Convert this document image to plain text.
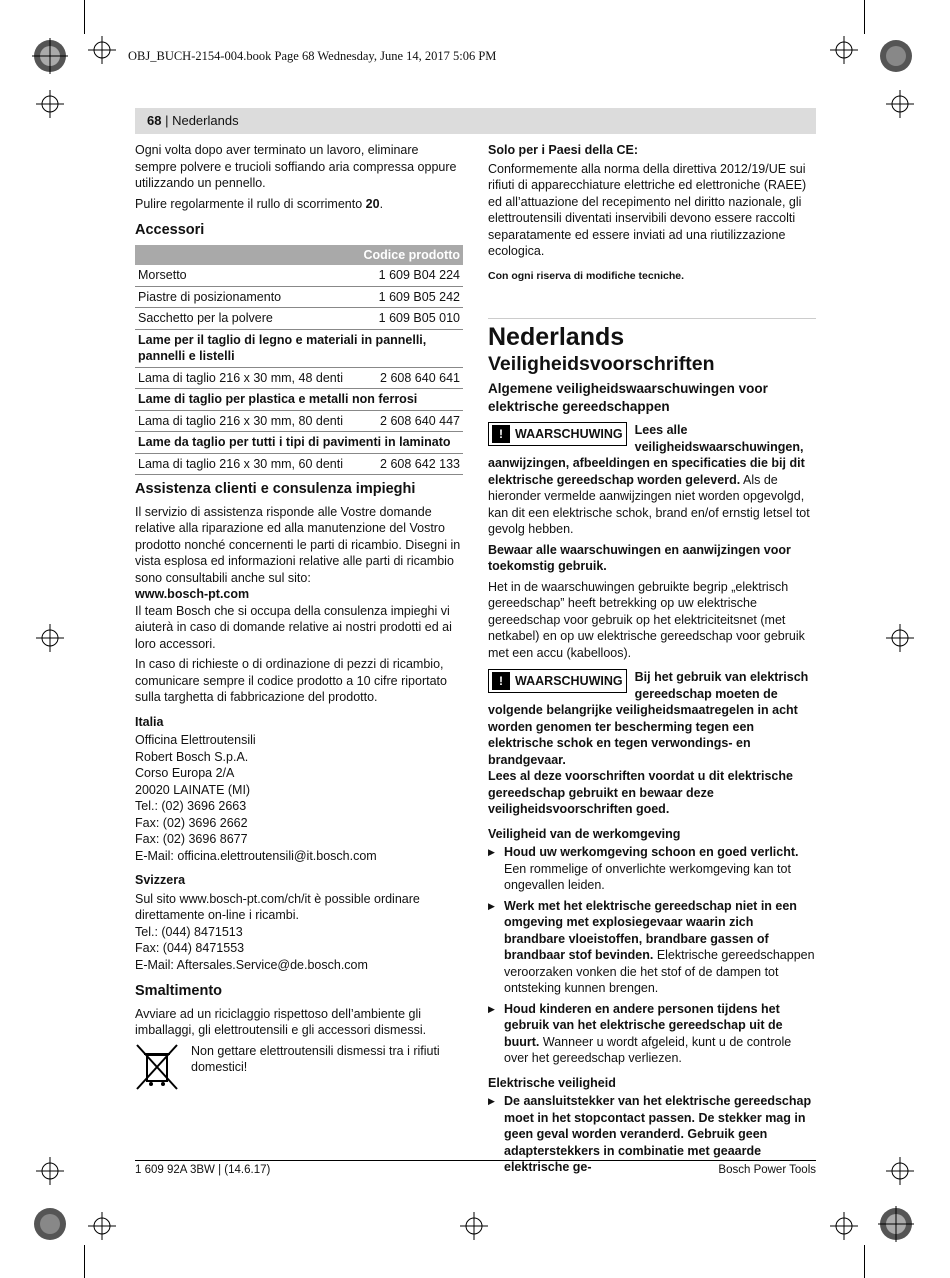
OBJ_BUCH-2154-004.book Page 68 Wednesday, June 14, 2017 5:06 PM
68 | Nederlands

Ogni volta dopo aver terminato un lavoro, eliminare sempre polvere e trucioli soffiando aria compressa oppure utilizzando un pennello.

Pulire regolarmente il rullo di scorrimento 20.

Accessori
Codice prodotto	
Morsetto	1 609 B04 224
Piastre di posizionamento	1 609 B05 242
Sacchetto per la polvere	1 609 B05 010
Lame per il taglio di legno e materiali in pannelli, pannelli e listelli	
Lama di taglio 216 x 30 mm, 48 denti	2 608 640 641
Lame di taglio per plastica e metalli non ferrosi	
Lama di taglio 216 x 30 mm, 80 denti	2 608 640 447
Lame da taglio per tutti i tipi di pavimenti in laminato	
Lama di taglio 216 x 30 mm, 60 denti	2 608 642 133
Assistenza clienti e consulenza impieghi

Il servizio di assistenza risponde alle Vostre domande relative alla riparazione ed alla manutenzione del Vostro prodotto nonché concernenti le parti di ricambio. Disegni in vista esplosa ed informazioni relative alle parti di ricambio sono consultabili anche sul sito:
www.bosch-pt.com

Il team Bosch che si occupa della consulenza impieghi vi aiuterà in caso di domande relative ai nostri prodotti ed ai loro accessori.

In caso di richieste o di ordinazione di pezzi di ricambio, comunicare sempre il codice prodotto a 10 cifre riportato sulla targhetta di fabbricazione del prodotto.

Italia
Officina Elettroutensili
Robert Bosch S.p.A.
Corso Europa 2/A
20020 LAINATE (MI)
Tel.: (02) 3696 2663
Fax: (02) 3696 2662
Fax: (02) 3696 8677
E-Mail: officina.elettroutensili@it.bosch.com
Svizzera
Sul sito www.bosch-pt.com/ch/it è possible ordinare direttamente on-line i ricambi.
Tel.: (044) 8471513
Fax: (044) 8471553
E-Mail: Aftersales.Service@de.bosch.com
Smaltimento

Avviare ad un riciclaggio rispettoso dell’ambiente gli imballaggi, gli elettroutensili e gli accessori dismessi.

Non gettare elettroutensili dismessi tra i rifiuti domestici!
Solo per i Paesi della CE:

Conformemente alla norma della direttiva 2012/19/UE sui rifiuti di apparecchiature elettriche ed elettroniche (RAEE) ed all’attuazione del recepimento nel diritto nazionale, gli elettroutensili diventati inservibili devono essere raccolti separatamente ed essere inviati ad una riutilizzazione ecologica.

Con ogni riserva di modifiche tecniche.

Nederlands
Veiligheidsvoorschriften
Algemene veiligheidswaarschuwingen voor elektrische gereedschappen

! WAARSCHUWING Lees alle veiligheidswaarschuwingen, aanwijzingen, afbeeldingen en specificaties die bij dit elektrische gereedschap worden geleverd. Als de hieronder vermelde aanwijzingen niet worden opgevolgd, kan dit een elektrische schok, brand en/of ernstig letsel tot gevolg hebben.

Bewaar alle waarschuwingen en aanwijzingen voor toekomstig gebruik.

Het in de waarschuwingen gebruikte begrip „elektrisch gereedschap” heeft betrekking op uw elektrische gereedschap voor gebruik op het elektriciteitsnet (met netkabel) en op uw elektrische gereedschap voor gebruik met een accu (kabelloos).

! WAARSCHUWING Bij het gebruik van elektrisch gereedschap moeten de volgende belangrijke veiligheidsmaatregelen in acht worden genomen ter bescherming tegen een elektrische schok en tegen verwondings- en brandgevaar.
Lees al deze voorschriften voordat u dit elektrische gereedschap gebruikt en bewaar deze veiligheidsvoorschriften goed.

Veiligheid van de werkomgeving
▶ Houd uw werkomgeving schoon en goed verlicht. Een rommelige of onverlichte werkomgeving kan tot ongevallen leiden.
▶ Werk met het elektrische gereedschap niet in een omgeving met explosiegevaar waarin zich brandbare vloeistoffen, brandbare gassen of brandbaar stof bevinden. Elektrische gereedschappen veroorzaken vonken die het stof of de dampen tot ontsteking kunnen brengen.
▶ Houd kinderen en andere personen tijdens het gebruik van het elektrische gereedschap uit de buurt. Wanneer u wordt afgeleid, kunt u de controle over het gereedschap verliezen.
Elektrische veiligheid
▶ De aansluitstekker van het elektrische gereedschap moet in het stopcontact passen. De stekker mag in geen geval worden veranderd. Gebruik geen adapterstekkers in combinatie met geaarde elektrische ge-
1 609 92A 3BW | (14.6.17)	Bosch Power Tools
